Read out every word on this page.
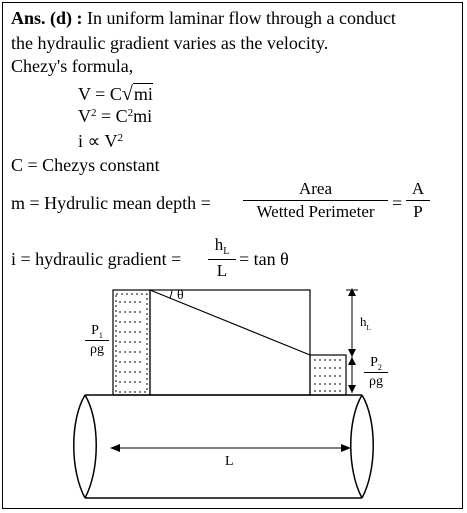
Ans. (d) : In uniform laminar flow through a conduct
the hydraulic gradient varies as the velocity.
Chezy's formula,
V = C√mi
$V^2 = C^2mi$
$i \propto V^2$
C = Chezys constant
m = Hydrulic mean depth =
Area
Wetted Perimeter =
A
P
i = hydraulic gradient =
$h_L$
L
= tan θ
$P_1$
ρg
$P_2$
ρg
θ
$h_L$
L
